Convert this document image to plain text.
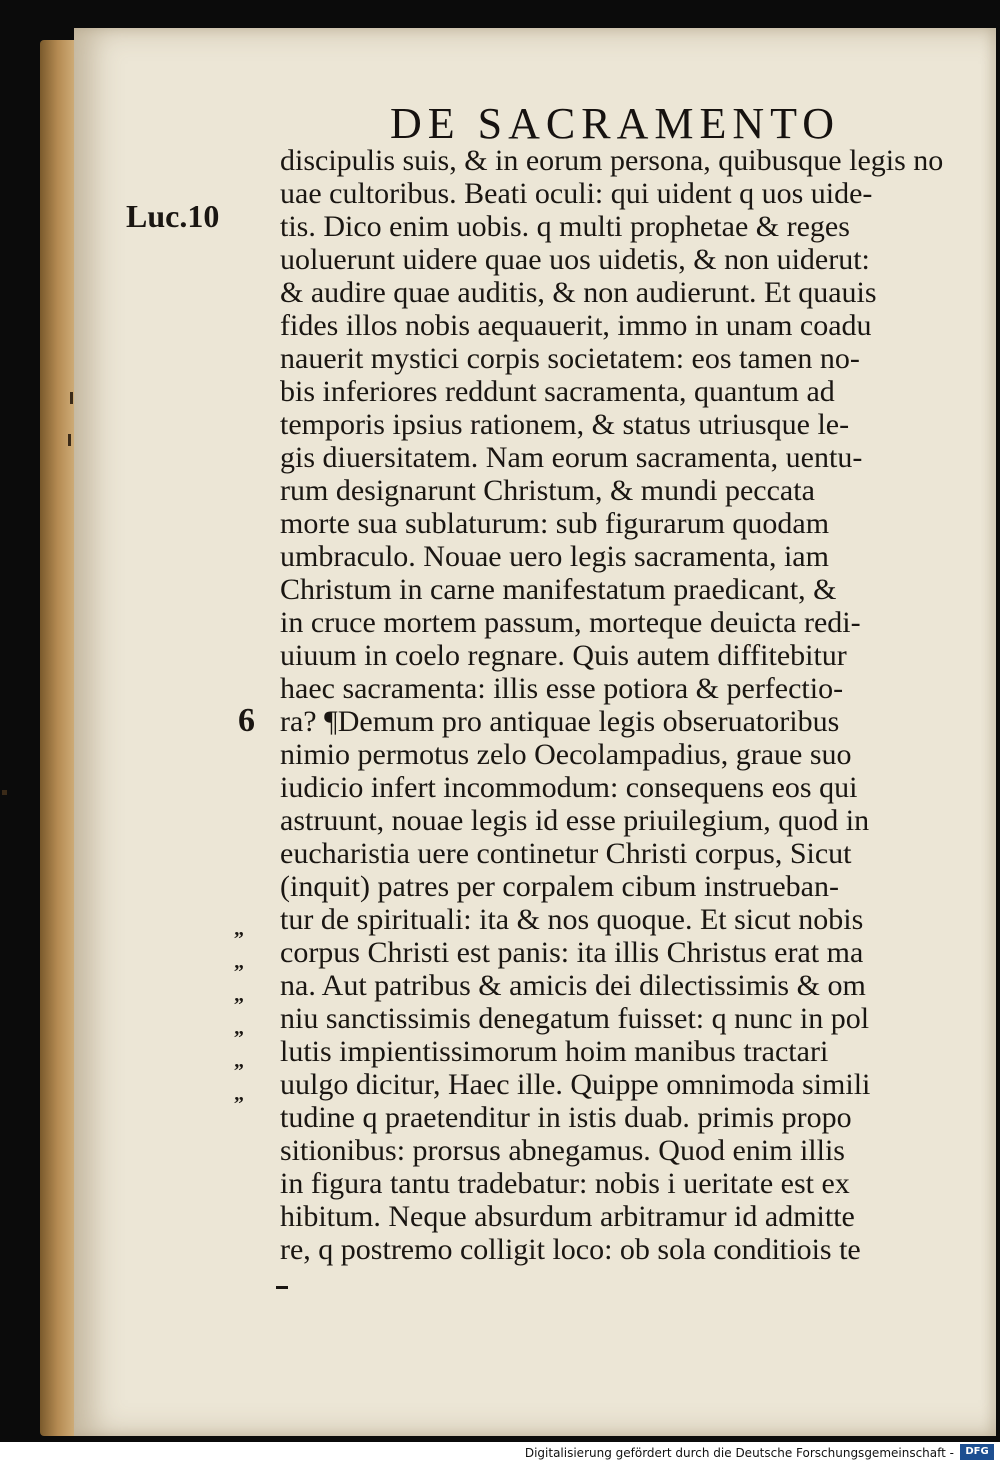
DE SACRAMENTO
Luc.10
6
„
„
„
„
„
„
discipulis suis, & in eorum persona, quibusque legis no
uae cultoribus. Beati oculi: qui uident q uos uide-
tis. Dico enim uobis. q multi prophetae & reges
uoluerunt uidere quae uos uidetis, & non uiderut:
& audire quae auditis, & non audierunt. Et quauis
fides illos nobis aequauerit, immo in unam coadu
nauerit mystici corpis societatem: eos tamen no-
bis inferiores reddunt sacramenta, quantum ad
temporis ipsius rationem, & status utriusque le-
gis diuersitatem. Nam eorum sacramenta, uentu-
rum designarunt Christum, & mundi peccata
morte sua sublaturum: sub figurarum quodam
umbraculo. Nouae uero legis sacramenta, iam
Christum in carne manifestatum praedicant, &
in cruce mortem passum, morteque deuicta redi-
uiuum in coelo regnare. Quis autem diffitebitur
haec sacramenta: illis esse potiora & perfectio-
ra? ¶Demum pro antiquae legis obseruatoribus
nimio permotus zelo Oecolampadius, graue suo
iudicio infert incommodum: consequens eos qui
astruunt, nouae legis id esse priuilegium, quod in
eucharistia uere continetur Christi corpus, Sicut
(inquit) patres per corpalem cibum instrueban-
tur de spirituali: ita & nos quoque. Et sicut nobis
corpus Christi est panis: ita illis Christus erat ma
na. Aut patribus & amicis dei dilectissimis & om
niu sanctissimis denegatum fuisset: q nunc in pol
lutis impientissimorum hoim manibus tractari
uulgo dicitur, Haec ille. Quippe omnimoda simili
tudine q praetenditur in istis duab. primis propo
sitionibus: prorsus abnegamus. Quod enim illis
in figura tantu tradebatur: nobis i ueritate est ex
hibitum. Neque absurdum arbitramur id admitte
re, q postremo colligit loco: ob sola conditiois te
Digitalisierung gefördert durch die Deutsche Forschungsgemeinschaft -	DFG
